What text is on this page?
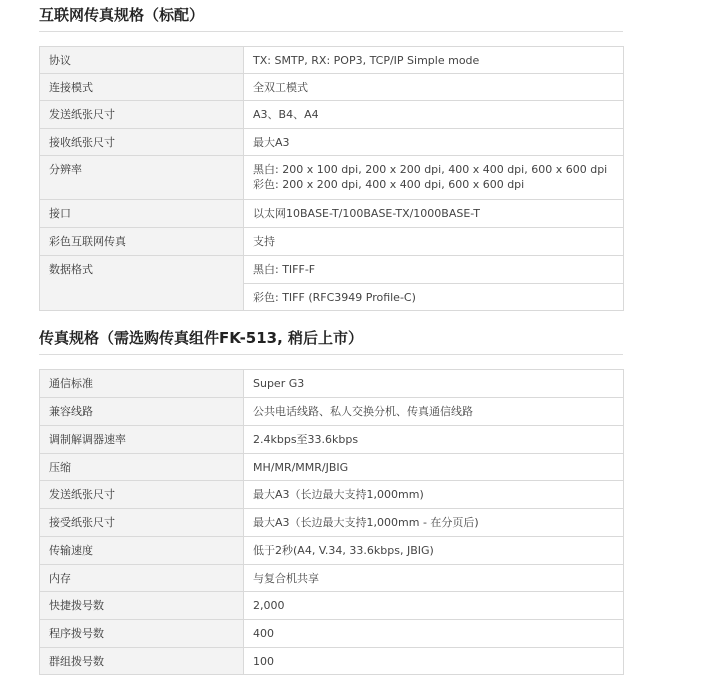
互联网传真规格（标配）
协议	TX: SMTP, RX: POP3, TCP/IP Simple mode

连接模式	全双工模式

发送纸张尺寸	A3、B4、A4

接收纸张尺寸	最大A3

分辨率	黑白: 200 x 100 dpi, 200 x 200 dpi, 400 x 400 dpi, 600 x 600 dpi
彩色: 200 x 200 dpi, 400 x 400 dpi, 600 x 600 dpi

接口	以太网10BASE-T/100BASE-TX/1000BASE-T

彩色互联网传真	支持

数据格式	黑白: TIFF-F

	彩色: TIFF (RFC3949 Profile-C)
传真规格（需选购传真组件FK-513, 稍后上市）
通信标准	Super G3

兼容线路	公共电话线路、私人交换分机、传真通信线路

调制解调器速率	2.4kbps至33.6kbps

压缩	MH/MR/MMR/JBIG

发送纸张尺寸	最大A3（长边最大支持1,000mm)

接受纸张尺寸	最大A3（长边最大支持1,000mm - 在分页后)

传输速度	低于2秒(A4, V.34, 33.6kbps, JBIG)

内存	与复合机共享

快捷拨号数	2,000

程序拨号数	400

群组拨号数	100
